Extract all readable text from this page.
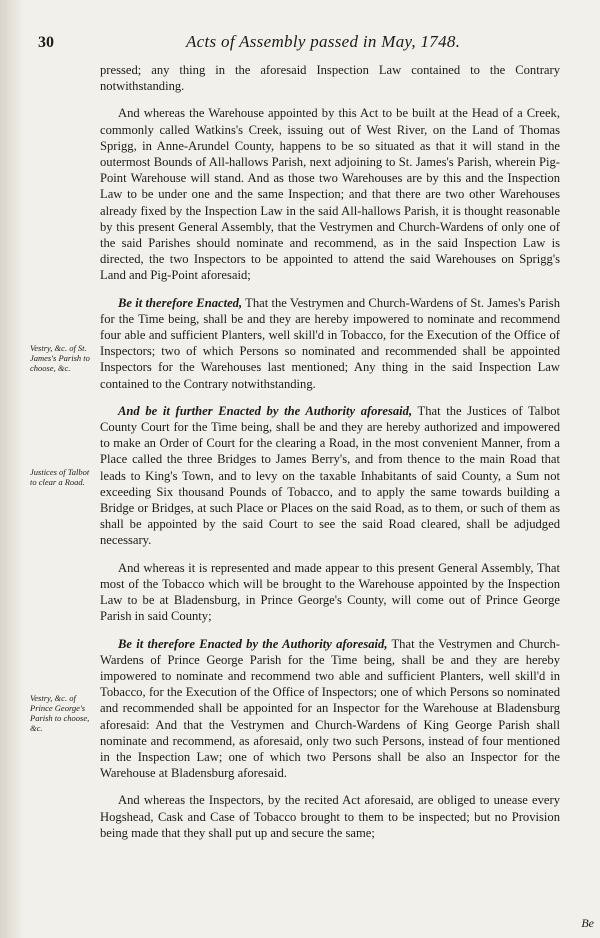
30	Acts of Assembly passed in May, 1748.
Vestry, &c. of St. James's Parish to choose, &c.
Justices of Talbot to clear a Road.
Vestry, &c. of Prince George's Parish to choose, &c.

pressed; any thing in the aforesaid Inspection Law contained to the Contrary notwithstanding.

And whereas the Warehouse appointed by this Act to be built at the Head of a Creek, commonly called Watkins's Creek, issuing out of West River, on the Land of Thomas Sprigg, in Anne-Arundel County, happens to be so situated as that it will stand in the outermost Bounds of All-hallows Parish, next adjoining to St. James's Parish, wherein Pig-Point Warehouse will stand. And as those two Warehouses are by this and the Inspection Law to be under one and the same Inspection; and that there are two other Warehouses already fixed by the Inspection Law in the said All-hallows Parish, it is thought reasonable by this present General Assembly, that the Vestrymen and Church-Wardens of only one of the said Parishes should nominate and recommend, as in the said Inspection Law is directed, the two Inspectors to be appointed to attend the said Warehouses on Sprigg's Land and Pig-Point aforesaid;

Be it therefore Enacted, That the Vestrymen and Church-Wardens of St. James's Parish for the Time being, shall be and they are hereby impowered to nominate and recommend four able and sufficient Planters, well skill'd in Tobacco, for the Execution of the Office of Inspectors; two of which Persons so nominated and recommended shall be appointed Inspectors for the Warehouses last mentioned; Any thing in the said Inspection Law contained to the Contrary notwithstanding.

And be it further Enacted by the Authority aforesaid, That the Justices of Talbot County Court for the Time being, shall be and they are hereby authorized and impowered to make an Order of Court for the clearing a Road, in the most convenient Manner, from a Place called the three Bridges to James Berry's, and from thence to the main Road that leads to King's Town, and to levy on the taxable Inhabitants of said County, a Sum not exceeding Six thousand Pounds of Tobacco, and to apply the same towards building a Bridge or Bridges, at such Place or Places on the said Road, as to them, or such of them as shall be appointed by the said Court to see the said Road cleared, shall be adjudged necessary.

And whereas it is represented and made appear to this present General Assembly, That most of the Tobacco which will be brought to the Warehouse appointed by the Inspection Law to be at Bladensburg, in Prince George's County, will come out of Prince George Parish in said County;

Be it therefore Enacted by the Authority aforesaid, That the Vestrymen and Church-Wardens of Prince George Parish for the Time being, shall be and they are hereby impowered to nominate and recommend two able and sufficient Planters, well skill'd in Tobacco, for the Execution of the Office of Inspectors; one of which Persons so nominated and recommended shall be appointed for an Inspector for the Warehouse at Bladensburg aforesaid: And that the Vestrymen and Church-Wardens of King George Parish shall nominate and recommend, as aforesaid, only two such Persons, instead of four mentioned in the Inspection Law; one of which two Persons shall be also an Inspector for the Warehouse at Bladensburg aforesaid.

And whereas the Inspectors, by the recited Act aforesaid, are obliged to unease every Hogshead, Cask and Case of Tobacco brought to them to be inspected; but no Provision being made that they shall put up and secure the same;

Be
